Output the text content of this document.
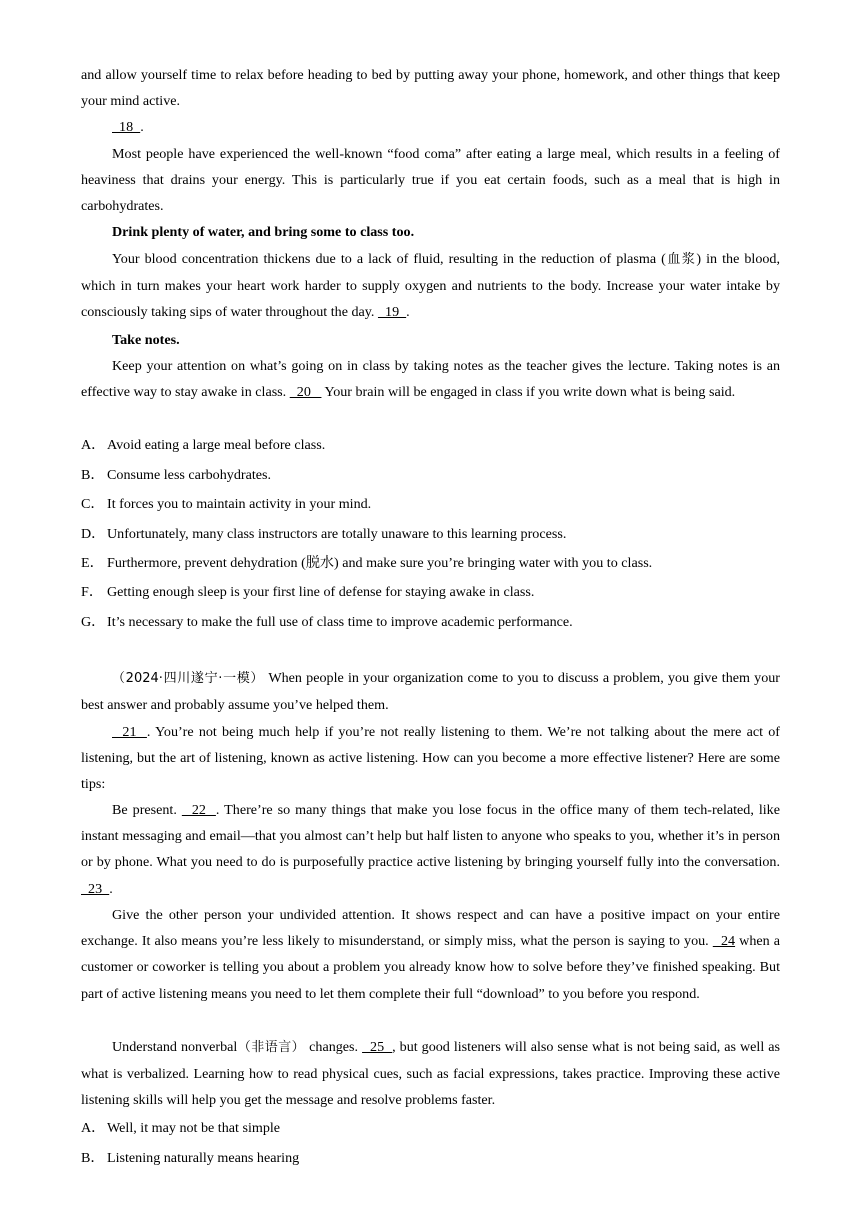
and allow yourself time to relax before heading to bed by putting away your phone, homework, and other things that keep your mind active.

18  .

Most people have experienced the well-known “food coma” after eating a large meal, which results in a feeling of heaviness that drains your energy. This is particularly true if you eat certain foods, such as a meal that is high in carbohydrates.

Drink plenty of water, and bring some to class too.

Your blood concentration thickens due to a lack of fluid, resulting in the reduction of plasma (血浆) in the blood, which in turn makes your heart work harder to supply oxygen and nutrients to the body. Increase your water intake by consciously taking sips of water throughout the day.   19  .

Take notes.

Keep your attention on what’s going on in class by taking notes as the teacher gives the lecture. Taking notes is an effective way to stay awake in class.   20    Your brain will be engaged in class if you write down what is being said.

A． Avoid eating a large meal before class.
B． Consume less carbohydrates.
C． It forces you to maintain activity in your mind.
D． Unfortunately, many class instructors are totally unaware to this learning process.
E． Furthermore, prevent dehydration (脱水) and make sure you’re bringing water with you to class.
F． Getting enough sleep is your first line of defense for staying awake in class.
G． It’s necessary to make the full use of class time to improve academic performance.

（2024·四川遂宁·一模） When people in your organization come to you to discuss a problem, you give them your best answer and probably assume you’ve helped them.

21  . You’re not being much help if you’re not really listening to them. We’re not talking about the mere act of listening, but the art of listening, known as active listening. How can you become a more effective listener? Here are some tips:

Be present.   22  . There’re so many things that make you lose focus in the office many of them tech-related, like instant messaging and email—that you almost can’t help but half listen to anyone who speaks to you, whether it’s in person or by phone. What you need to do is purposefully practice active listening by bringing yourself fully into the conversation.   23  .

Give the other person your undivided attention. It shows respect and can have a positive impact on your entire exchange. It also means you’re less likely to misunderstand, or simply miss, what the person is saying to you.   24 when a customer or coworker is telling you about a problem you already know how to solve before they’ve finished speaking. But part of active listening means you need to let them complete their full “download” to you before you respond.

Understand nonverbal（非语言） changes.   25  , but good listeners will also sense what is not being said, as well as what is verbalized. Learning how to read physical cues, such as facial expressions, takes practice. Improving these active listening skills will help you get the message and resolve problems faster.

A． Well, it may not be that simple
B． Listening naturally means hearing
